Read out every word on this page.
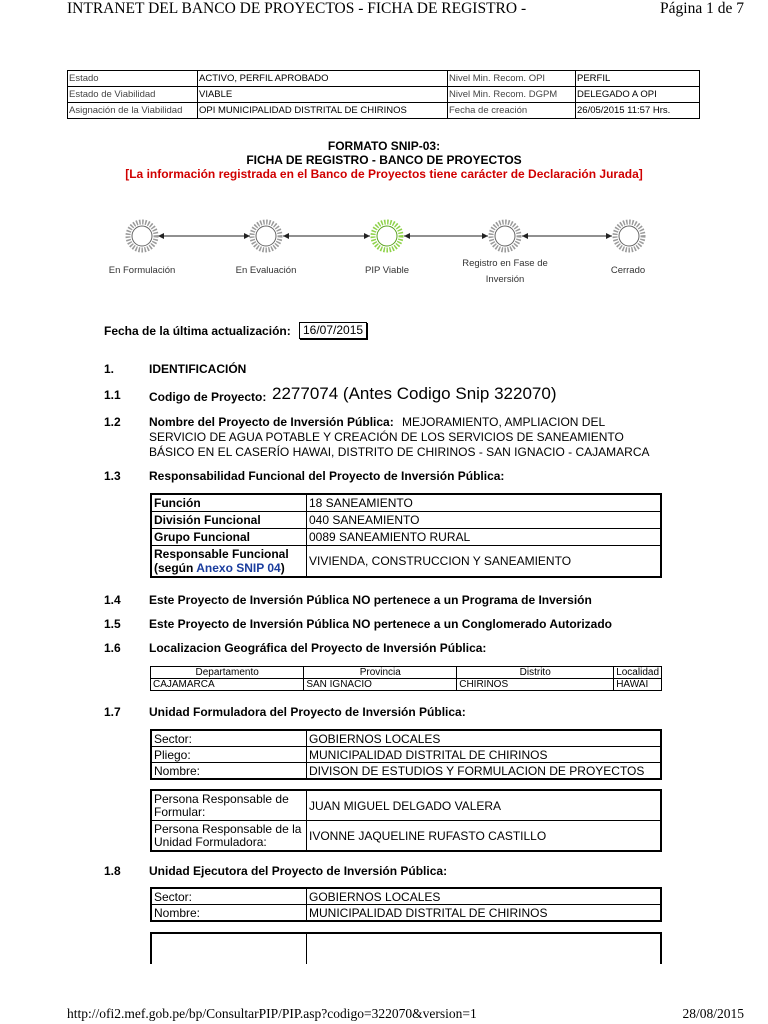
INTRANET DEL BANCO DE PROYECTOS - FICHA DE REGISTRO -	Página 1 de 7
Estado	ACTIVO, PERFIL APROBADO	Nivel Min. Recom. OPI	PERFIL
Estado de Viabilidad	VIABLE	Nivel Min. Recom. DGPM	DELEGADO A OPI
Asignación de la Viabilidad	OPI MUNICIPALIDAD DISTRITAL DE CHIRINOS	Fecha de creación	26/05/2015 11:57 Hrs.
FORMATO SNIP-03:
FICHA DE REGISTRO - BANCO DE PROYECTOS
[La información registrada en el Banco de Proyectos tiene carácter de Declaración Jurada]
En Formulación	En Evaluación	PIP Viable
Registro en Fase de Inversión
Cerrado
Fecha de la última actualización:	16/07/2015
1.	IDENTIFICACIÓN
1.1 Codigo de Proyecto: 2277074 (Antes Codigo Snip 322070)
1.2 Nombre del Proyecto de Inversión Pública: MEJORAMIENTO, AMPLIACION DEL
SERVICIO DE AGUA POTABLE Y CREACIÓN DE LOS SERVICIOS DE SANEAMIENTO
BÁSICO EN EL CASERÍO HAWAI, DISTRITO DE CHIRINOS - SAN IGNACIO - CAJAMARCA
1.3 Responsabilidad Funcional del Proyecto de Inversión Pública:
Función	18 SANEAMIENTO
División Funcional	040 SANEAMIENTO
Grupo Funcional	0089 SANEAMIENTO RURAL
Responsable Funcional
(según Anexo SNIP 04)	VIVIENDA, CONSTRUCCION Y SANEAMIENTO
1.4 Este Proyecto de Inversión Pública NO pertenece a un Programa de Inversión
1.5 Este Proyecto de Inversión Pública NO pertenece a un Conglomerado Autorizado
1.6 Localizacion Geográfica del Proyecto de Inversión Pública:
Departamento	Provincia	Distrito	Localidad
CAJAMARCA	SAN IGNACIO	CHIRINOS	HAWAI
1.7 Unidad Formuladora del Proyecto de Inversión Pública:
Sector:	GOBIERNOS LOCALES
Pliego:	MUNICIPALIDAD DISTRITAL DE CHIRINOS
Nombre:	DIVISON DE ESTUDIOS Y FORMULACION DE PROYECTOS
Persona Responsable de Formular:	JUAN MIGUEL DELGADO VALERA
Persona Responsable de la Unidad Formuladora:	IVONNE JAQUELINE RUFASTO CASTILLO
1.8 Unidad Ejecutora del Proyecto de Inversión Pública:
Sector:	GOBIERNOS LOCALES
Nombre:	MUNICIPALIDAD DISTRITAL DE CHIRINOS

http://ofi2.mef.gob.pe/bp/ConsultarPIP/PIP.asp?codigo=322070&version=1	28/08/2015
